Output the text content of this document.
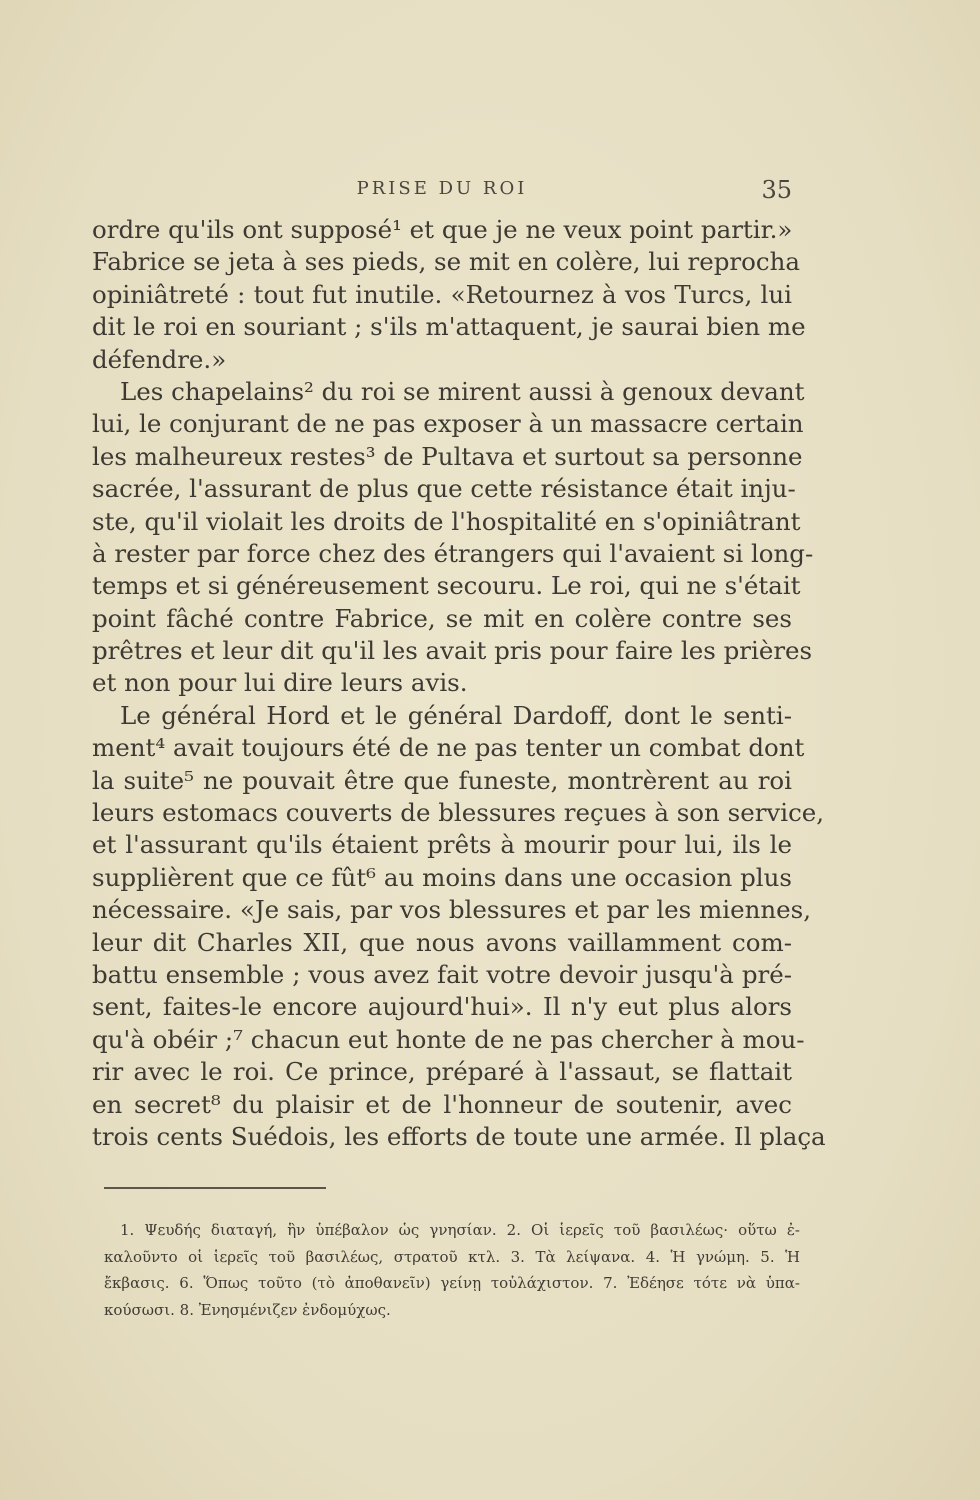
PRISE DU ROI	35
ordre qu'ils ont supposé¹ et que je ne veux point partir.»
Fabrice se jeta à ses pieds, se mit en colère, lui reprocha
opiniâtreté : tout fut inutile. «Retournez à vos Turcs, lui
dit le roi en souriant ; s'ils m'attaquent, je saurai bien me
défendre.»
Les chapelains² du roi se mirent aussi à genoux devant
lui, le conjurant de ne pas exposer à un massacre certain
les malheureux restes³ de Pultava et surtout sa personne
sacrée, l'assurant de plus que cette résistance était inju-
ste, qu'il violait les droits de l'hospitalité en s'opiniâtrant
à rester par force chez des étrangers qui l'avaient si long-
temps et si généreusement secouru. Le roi, qui ne s'était
point fâché contre Fabrice, se mit en colère contre ses
prêtres et leur dit qu'il les avait pris pour faire les prières
et non pour lui dire leurs avis.
Le général Hord et le général Dardoff, dont le senti-
ment⁴ avait toujours été de ne pas tenter un combat dont
la suite⁵ ne pouvait être que funeste, montrèrent au roi
leurs estomacs couverts de blessures reçues à son service,
et l'assurant qu'ils étaient prêts à mourir pour lui, ils le
supplièrent que ce fût⁶ au moins dans une occasion plus
nécessaire. «Je sais, par vos blessures et par les miennes,
leur dit Charles XII, que nous avons vaillamment com-
battu ensemble ; vous avez fait votre devoir jusqu'à pré-
sent, faites-le encore aujourd'hui». Il n'y eut plus alors
qu'à obéir ;⁷ chacun eut honte de ne pas chercher à mou-
rir avec le roi. Ce prince, préparé à l'assaut, se flattait
en secret⁸ du plaisir et de l'honneur de soutenir, avec
trois cents Suédois, les efforts de toute une armée. Il plaça
1. Ψευδής διαταγή, ἣν ὑπέβαλον ὡς γνησίαν. 2. Οἱ ἱερεῖς τοῦ βασιλέως· οὕτω ἐ-
καλοῦντο οἱ ἱερεῖς τοῦ βασιλέως, στρατοῦ κτλ. 3. Τὰ λείψανα. 4. Ἡ γνώμη. 5. Ἡ
ἔκβασις. 6. Ὅπως τοῦτο (τὸ ἀποθανεῖν) γείνῃ τοὐλάχιστον. 7. Ἐδέησε τότε νὰ ὑπα-
κούσωσι. 8. Ἐνησμένιζεν ἐνδομύχως.
